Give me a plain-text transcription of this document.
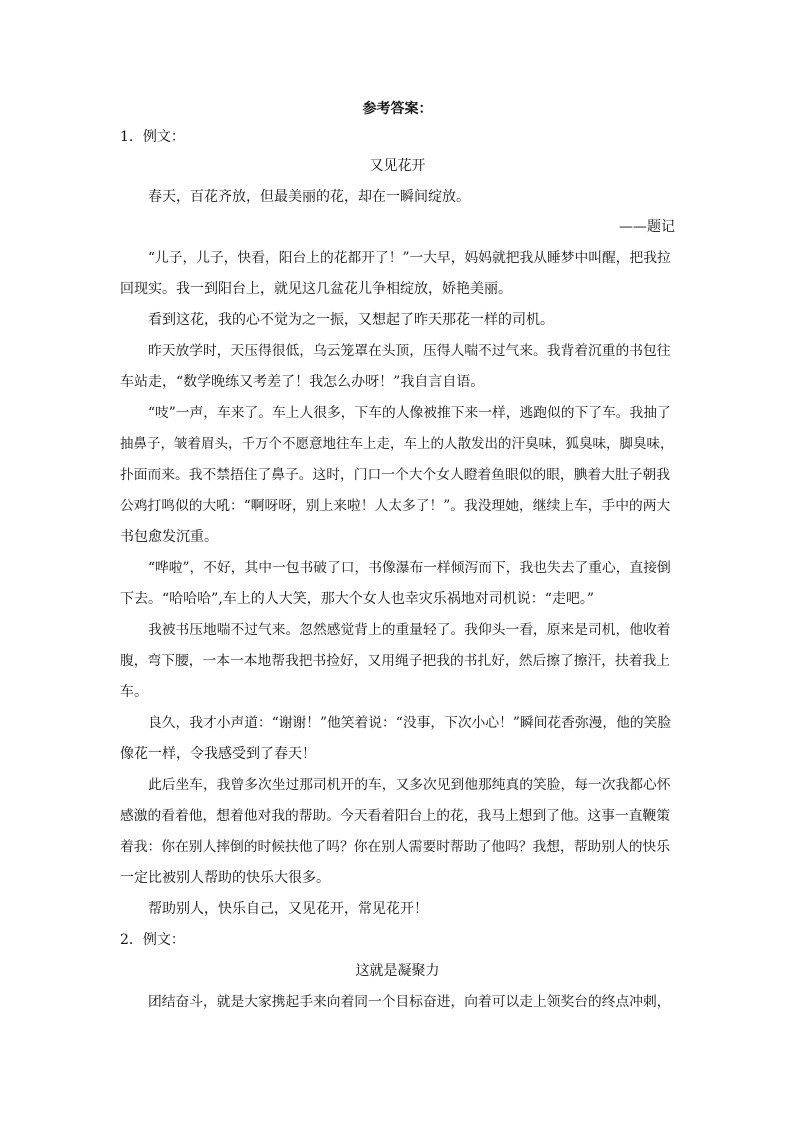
参考答案：
1．例文：
又见花开
春天，百花齐放，但最美丽的花，却在一瞬间绽放。
——题记
“儿子，儿子，快看，阳台上的花都开了！”一大早，妈妈就把我从睡梦中叫醒，把我拉
回现实。我一到阳台上，就见这几盆花儿争相绽放，娇艳美丽。
看到这花，我的心不觉为之一振，又想起了昨天那花一样的司机。
昨天放学时，天压得很低，乌云笼罩在头顶，压得人喘不过气来。我背着沉重的书包往
车站走，“数学晚练又考差了！我怎么办呀！”我自言自语。
“吱”一声，车来了。车上人很多，下车的人像被推下来一样，逃跑似的下了车。我抽了
抽鼻子，皱着眉头，千万个不愿意地往车上走，车上的人散发出的汗臭味，狐臭味，脚臭味，
扑面而来。我不禁捂住了鼻子。这时，门口一个大个女人瞪着鱼眼似的眼，腆着大肚子朝我
公鸡打鸣似的大吼：“啊呀呀，别上来啦！人太多了！”。我没理她，继续上车，手中的两大
书包愈发沉重。
“哗啦”，不好，其中一包书破了口，书像瀑布一样倾泻而下，我也失去了重心，直接倒
下去。“哈哈哈”,车上的人大笑，那大个女人也幸灾乐祸地对司机说：“走吧。”
我被书压地喘不过气来。忽然感觉背上的重量轻了。我仰头一看，原来是司机，他收着
腹，弯下腰，一本一本地帮我把书捡好，又用绳子把我的书扎好，然后擦了擦汗，扶着我上
车。
良久，我才小声道：“谢谢！”他笑着说：“没事，下次小心！”瞬间花香弥漫，他的笑脸
像花一样，令我感受到了春天！
此后坐车，我曾多次坐过那司机开的车，又多次见到他那纯真的笑脸，每一次我都心怀
感激的看着他，想着他对我的帮助。今天看着阳台上的花，我马上想到了他。这事一直鞭策
着我：你在别人摔倒的时候扶他了吗？你在别人需要时帮助了他吗？我想，帮助别人的快乐
一定比被别人帮助的快乐大很多。
帮助别人，快乐自己，又见花开，常见花开！
2．例文：
这就是凝聚力
团结奋斗，就是大家携起手来向着同一个目标奋进，向着可以走上领奖台的终点冲刺，
